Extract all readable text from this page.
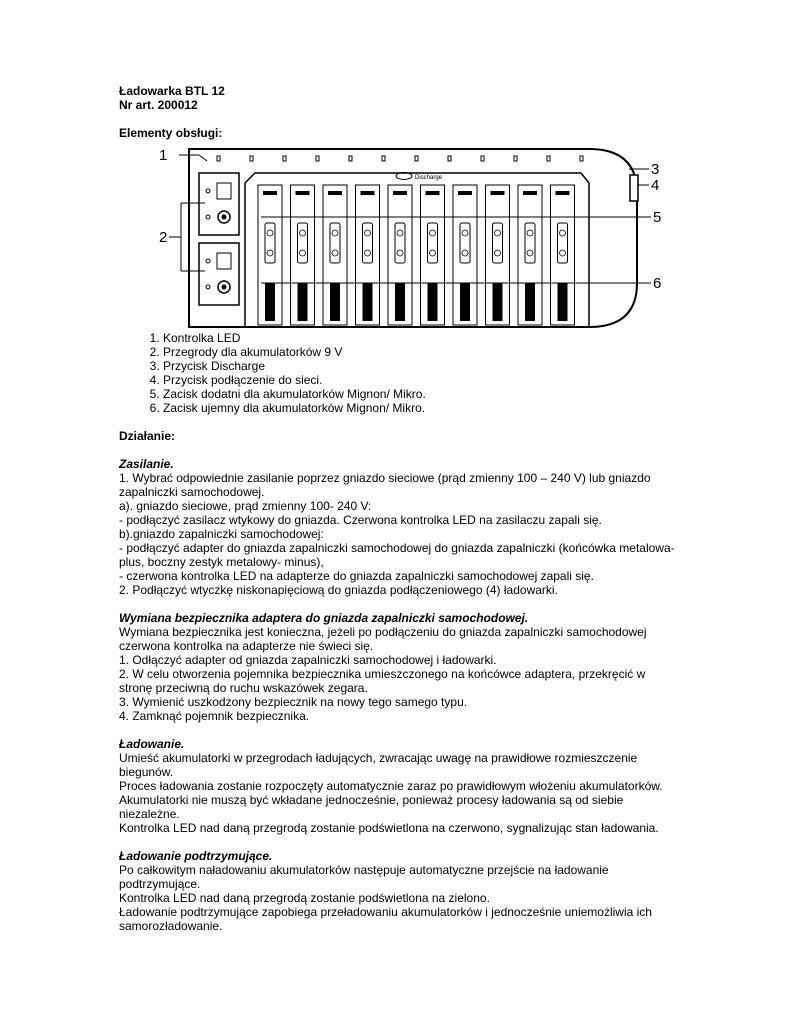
Ładowarka BTL 12

Nr art. 200012

Elementy obsługi:

Discharge
1
2
3
4
5
6
1. Kontrolka LED
2. Przegrody dla akumulatorków 9 V
3. Przycisk Discharge
4. Przycisk podłączenie do sieci.
5. Zacisk dodatni dla akumulatorków Mignon/ Mikro.
6. Zacisk ujemny dla akumulatorków Mignon/ Mikro.

Działanie:

Zasilanie.

1. Wybrać odpowiednie zasilanie poprzez gniazdo sieciowe (prąd zmienny 100 – 240 V) lub gniazdo zapalniczki samochodowej.

a). gniazdo sieciowe, prąd zmienny 100- 240 V:

- podłączyć zasilacz wtykowy do gniazda. Czerwona kontrolka LED na zasilaczu zapali się.

b).gniazdo zapalniczki samochodowej:

- podłączyć adapter do gniazda zapalniczki samochodowej do gniazda zapalniczki (końcówka metalowa- plus, boczny zestyk metalowy- minus),

- czerwona kontrolka LED na adapterze do gniazda zapalniczki samochodowej zapali się.

2. Podłączyć wtyczkę niskonapięciową do gniazda podłączeniowego (4) ładowarki.

Wymiana bezpiecznika adaptera do gniazda zapalniczki samochodowej.

Wymiana bezpiecznika jest konieczna, jeżeli po podłączeniu do gniazda zapalniczki samochodowej czerwona kontrolka na adapterze nie świeci się.

1. Odłączyć adapter od gniazda zapalniczki samochodowej i ładowarki.

2. W celu otworzenia pojemnika bezpiecznika umieszczonego na końcówce adaptera, przekręcić w stronę przeciwną do ruchu wskazówek zegara.

3. Wymienić uszkodzony bezpiecznik na nowy tego samego typu.

4. Zamknąć pojemnik bezpiecznika.

Ładowanie.

Umieść akumulatorki w przegrodach ładujących, zwracając uwagę na prawidłowe rozmieszczenie biegunów.

Proces ładowania zostanie rozpoczęty automatycznie zaraz po prawidłowym włożeniu akumulatorków.

Akumulatorki nie muszą być wkładane jednocześnie, ponieważ procesy ładowania są od siebie niezależne.

Kontrolka LED nad daną przegrodą zostanie podświetlona na czerwono, sygnalizując stan ładowania.

Ładowanie podtrzymujące.

Po całkowitym naładowaniu akumulatorków następuje automatyczne przejście na ładowanie podtrzymujące.

Kontrolka LED nad daną przegrodą zostanie podświetlona na zielono.

Ładowanie podtrzymujące zapobiega przeładowaniu akumulatorków i jednocześnie uniemożliwia ich samorozładowanie.
